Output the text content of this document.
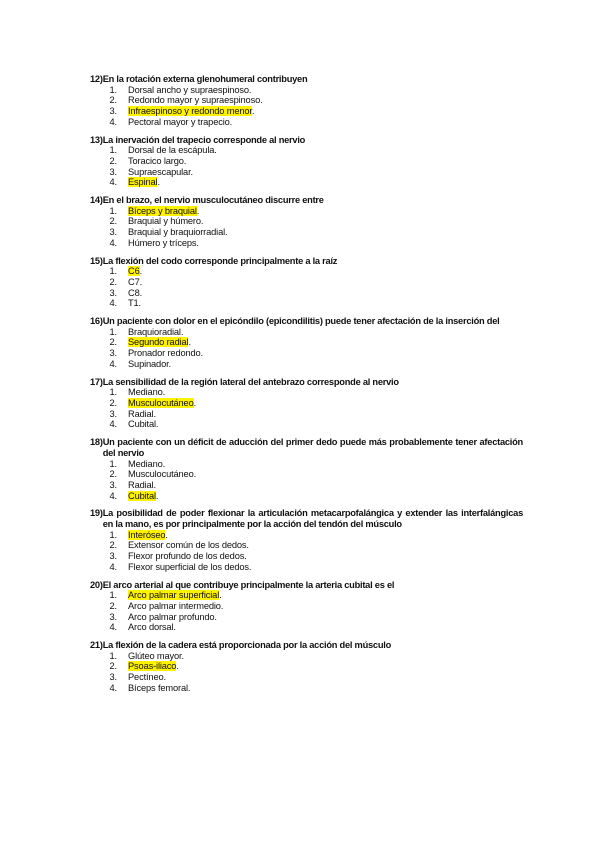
12) En la rotación externa glenohumeral contribuyen
1.	Dorsal ancho y supraespinoso.
2.	Redondo mayor y supraespinoso.
3.	Infraespinoso y redondo menor.
4.	Pectoral mayor y trapecio.
13) La inervación del trapecio corresponde al nervio
1.	Dorsal de la escápula.
2.	Toracico largo.
3.	Supraescapular.
4.	Espinal.
14) En el brazo, el nervio musculocutáneo discurre entre
1.	Bíceps y braquial.
2.	Braquial y húmero.
3.	Braquial y braquiorradial.
4.	Húmero y tríceps.
15) La flexión del codo corresponde principalmente a la raíz
1.	C6.
2.	C7.
3.	C8.
4.	T1.
16) Un paciente con dolor en el epicóndilo (epicondilitis) puede tener afectación de la inserción del
1.	Braquioradial.
2.	Segundo radial.
3.	Pronador redondo.
4.	Supinador.
17) La sensibilidad de la región lateral del antebrazo corresponde al nervio
1.	Mediano.
2.	Musculocutáneo.
3.	Radial.
4.	Cubital.
18) Un paciente con un déficit de aducción del primer dedo puede más probablemente tener afectación del nervio
1.	Mediano.
2.	Musculocutáneo.
3.	Radial.
4.	Cubital.
19) La posibilidad de poder flexionar la articulación metacarpofalángica y extender las interfalángicas en la mano, es por principalmente por la acción del tendón del músculo
1.	Interóseo.
2.	Extensor común de los dedos.
3.	Flexor profundo de los dedos.
4.	Flexor superficial de los dedos.
20) El arco arterial al que contribuye principalmente la arteria cubital es el
1.	Arco palmar superficial.
2.	Arco palmar intermedio.
3.	Arco palmar profundo.
4.	Arco dorsal.
21) La flexión de la cadera está proporcionada por la acción del músculo
1.	Glúteo mayor.
2.	Psoas-iliaco.
3.	Pectíneo.
4.	Bíceps femoral.
